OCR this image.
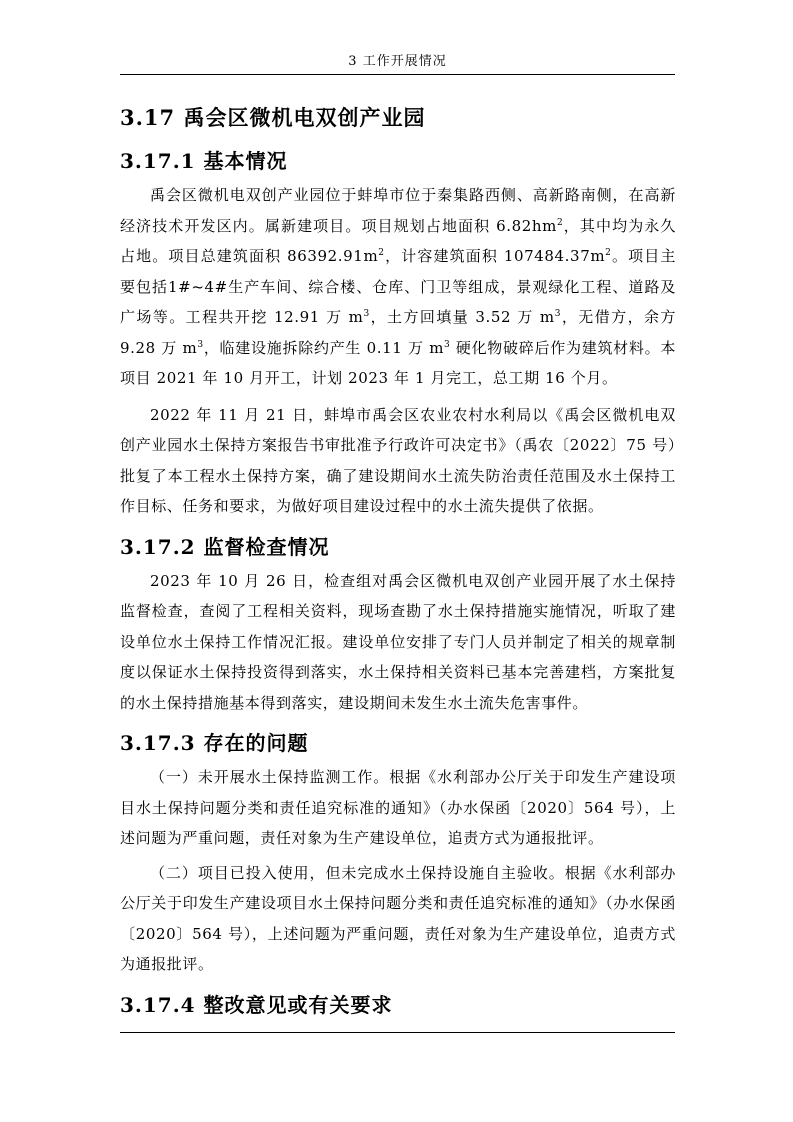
3 工作开展情况
3.17 禹会区微机电双创产业园
3.17.1 基本情况

禹会区微机电双创产业园位于蚌埠市位于秦集路西侧、高新路南侧，在高新经济技术开发区内。属新建项目。项目规划占地面积 $6.82hm^2$，其中均为永久占地。项目总建筑面积 $86392.91m^2$，计容建筑面积 $107484.37m^2$。项目主要包括1#~4#生产车间、综合楼、仓库、门卫等组成，景观绿化工程、道路及广场等。工程共开挖 12.91 万 $m^3$，土方回填量 3.52 万 $m^3$，无借方，余方 9.28 万 $m^3$，临建设施拆除约产生 0.11 万 $m^3$ 硬化物破碎后作为建筑材料。本项目 2021 年 10 月开工，计划 2023 年 1 月完工，总工期 16 个月。

2022 年 11 月 21 日，蚌埠市禹会区农业农村水利局以《禹会区微机电双创产业园水土保持方案报告书审批准予行政许可决定书》（禹农〔2022〕75 号）批复了本工程水土保持方案，确了建设期间水土流失防治责任范围及水土保持工作目标、任务和要求，为做好项目建设过程中的水土流失提供了依据。

3.17.2 监督检查情况

2023 年 10 月 26 日，检查组对禹会区微机电双创产业园开展了水土保持监督检查，查阅了工程相关资料，现场查勘了水土保持措施实施情况，听取了建设单位水土保持工作情况汇报。建设单位安排了专门人员并制定了相关的规章制度以保证水土保持投资得到落实，水土保持相关资料已基本完善建档，方案批复的水土保持措施基本得到落实，建设期间未发生水土流失危害事件。

3.17.3 存在的问题

（一）未开展水土保持监测工作。根据《水利部办公厅关于印发生产建设项目水土保持问题分类和责任追究标准的通知》（办水保函〔2020〕564 号），上述问题为严重问题，责任对象为生产建设单位，追责方式为通报批评。

（二）项目已投入使用，但未完成水土保持设施自主验收。根据《水利部办公厅关于印发生产建设项目水土保持问题分类和责任追究标准的通知》（办水保函〔2020〕564 号），上述问题为严重问题，责任对象为生产建设单位，追责方式为通报批评。

3.17.4 整改意见或有关要求
